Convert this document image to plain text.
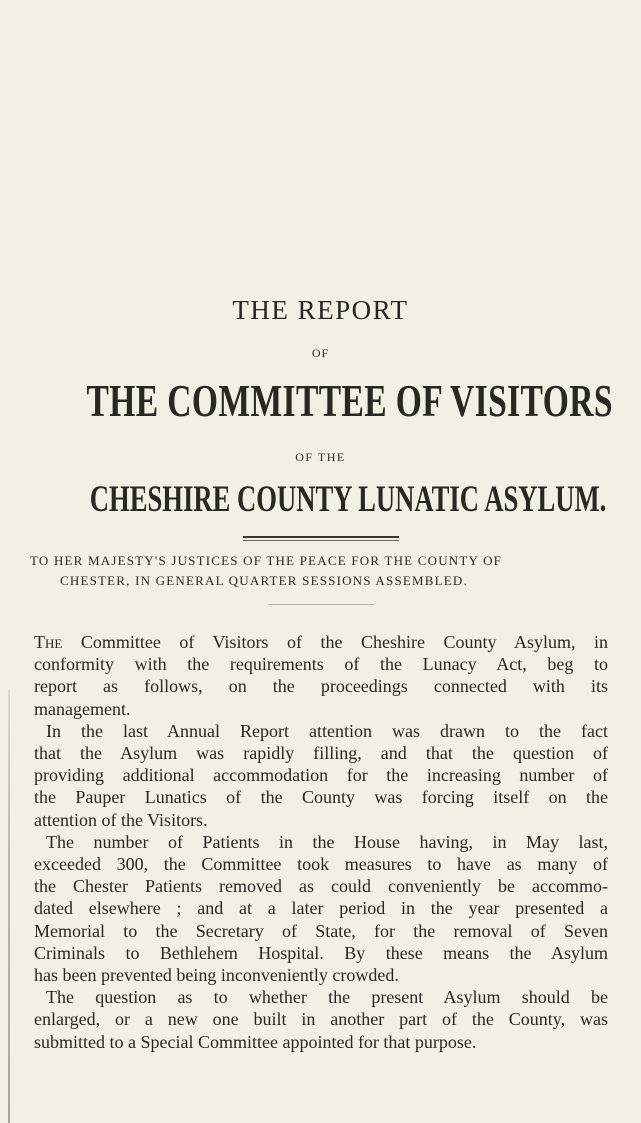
THE REPORT
OF
THE COMMITTEE OF VISITORS
OF THE
CHESHIRE COUNTY LUNATIC ASYLUM.
TO HER MAJESTY'S JUSTICES OF THE PEACE FOR THE COUNTY OF
CHESTER, IN GENERAL QUARTER SESSIONS ASSEMBLED.
The Committee of Visitors of the Cheshire County Asylum, in
conformity with the requirements of the Lunacy Act, beg to
report as follows, on the proceedings connected with its
management.
In the last Annual Report attention was drawn to the fact
that the Asylum was rapidly filling, and that the question of
providing additional accommodation for the increasing number of
the Pauper Lunatics of the County was forcing itself on the
attention of the Visitors.
The number of Patients in the House having, in May last,
exceeded 300, the Committee took measures to have as many of
the Chester Patients removed as could conveniently be accommo-
dated elsewhere ; and at a later period in the year presented a
Memorial to the Secretary of State, for the removal of Seven
Criminals to Bethlehem Hospital. By these means the Asylum
has been prevented being inconveniently crowded.
The question as to whether the present Asylum should be
enlarged, or a new one built in another part of the County, was
submitted to a Special Committee appointed for that purpose.
